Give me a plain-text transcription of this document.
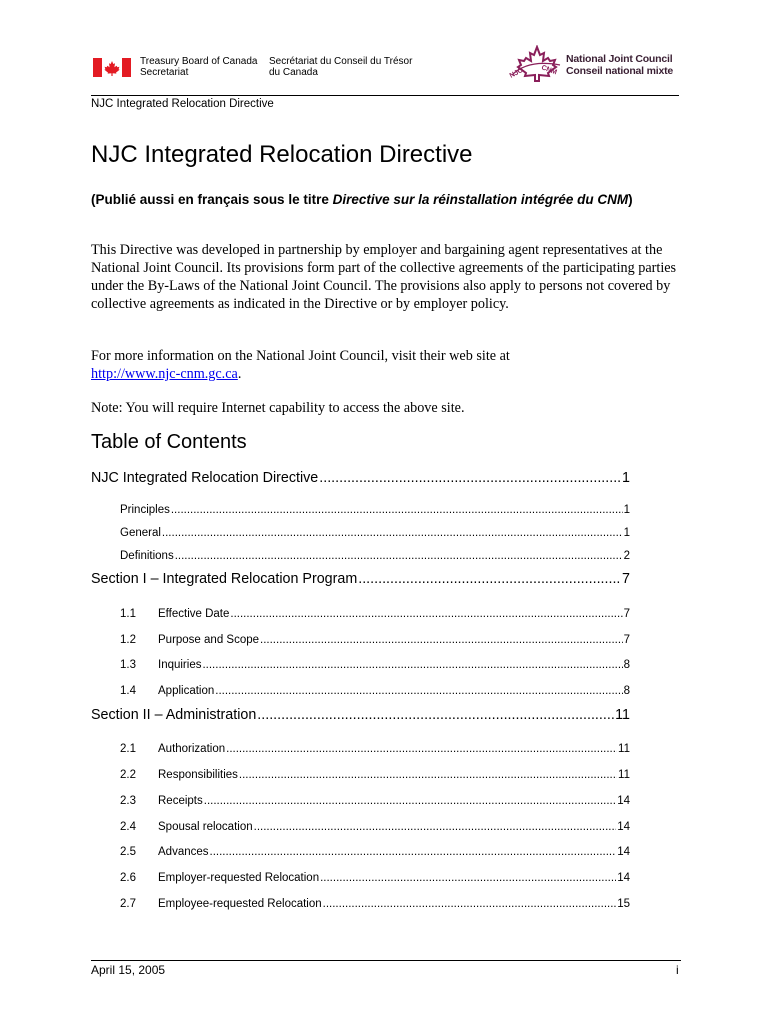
Treasury Board of Canada
Secretariat
Secrétariat du Conseil du Trésor
du Canada	NJC CNM
National Joint Council
Conseil national mixte
NJC Integrated Relocation Directive
NJC Integrated Relocation Directive
(Publié aussi en français sous le titre Directive sur la réinstallation intégrée du CNM)
This Directive was developed in partnership by employer and bargaining agent representatives at the National Joint Council. Its provisions form part of the collective agreements of the participating parties under the By-Laws of the National Joint Council. The provisions also apply to persons not covered by collective agreements as indicated in the Directive or by employer policy.
For more information on the National Joint Council, visit their web site at
http://www.njc-cnm.gc.ca.
Note: You will require Internet capability to access the above site.
Table of Contents
NJC Integrated Relocation Directive .....	1
Principles .....	1
General .....	1
Definitions .....	2
Section I – Integrated Relocation Program .....	7
1.1	Effective Date .....	7
1.2	Purpose and Scope .....	7
1.3	Inquiries .....	8
1.4	Application .....	8
Section II – Administration .....	11
2.1	Authorization .....	11
2.2	Responsibilities .....	11
2.3	Receipts .....	14
2.4	Spousal relocation .....	14
2.5	Advances .....	14
2.6	Employer-requested Relocation .....	14
2.7	Employee-requested Relocation .....	15
April 15, 2005	i
